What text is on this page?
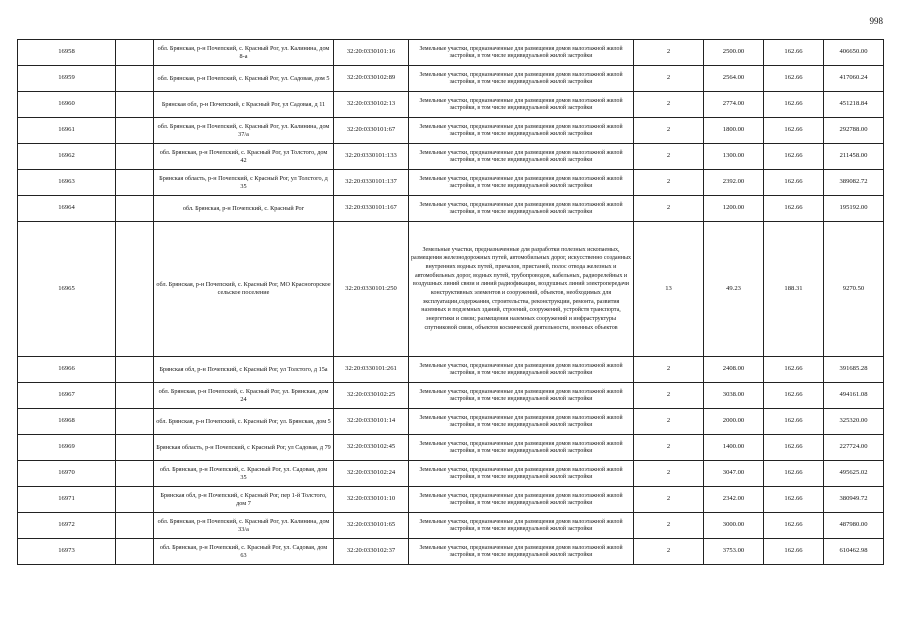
998
16958		обл. Брянская, р-н Почепский, с. Красный Рог, ул. Калинина, дом 8-а	32:20:0330101:16	Земельные участки, предназначенные для размещения домов малоэтажной жилой застройки, в том числе индивидуальной жилой застройки	2	2500.00	162.66	406650.00
16959		обл. Брянская, р-н Почепский, с. Красный Рог, ул. Садовая, дом 5	32:20:0330102:89	Земельные участки, предназначенные для размещения домов малоэтажной жилой застройки, в том числе индивидуальной жилой застройки	2	2564.00	162.66	417060.24
16960		Брянская обл, р-н Почепский, с Красный Рог, ул Садовая, д 11	32:20:0330102:13	Земельные участки, предназначенные для размещения домов малоэтажной жилой застройки, в том числе индивидуальной жилой застройки	2	2774.00	162.66	451218.84
16961		обл. Брянская, р-н Почепский, с. Красный Рог, ул. Калинина, дом 37/а	32:20:0330101:67	Земельные участки, предназначенные для размещения домов малоэтажной жилой застройки, в том числе индивидуальной жилой застройки	2	1800.00	162.66	292788.00
16962		обл. Брянская, р-н Почепский, с. Красный Рог, ул Толстого, дом 42	32:20:0330101:133	Земельные участки, предназначенные для размещения домов малоэтажной жилой застройки, в том числе индивидуальной жилой застройки	2	1300.00	162.66	211458.00
16963		Брянская область, р-н Почепский, с Красный Рог, ул Толстого, д 35	32:20:0330101:137	Земельные участки, предназначенные для размещения домов малоэтажной жилой застройки, в том числе индивидуальной жилой застройки	2	2392.00	162.66	389082.72
16964		обл. Брянская, р-н Почепский, с. Красный Рог	32:20:0330101:167	Земельные участки, предназначенные для размещения домов малоэтажной жилой застройки, в том числе индивидуальной жилой застройки	2	1200.00	162.66	195192.00
16965		обл. Брянская, р-н Почепский, с. Красный Рог, МО Красногорское сельское поселение	32:20:0330101:250	Земельные участки, предназначенные для разработки полезных ископаемых, размещения железнодорожных путей, автомобильных дорог, искусственно созданных внутренних водных путей, причалов, пристаней, полос отвода железных и автомобильных дорог, водных путей, трубопроводов, кабельных, радиорелейных и воздушных линий связи и линий радиофикации, воздушных линий электропередачи конструктивных элементов и сооружений, объектов, необходимых для эксплуатации,содержания, строительства, реконструкции, ремонта, развития наземных и подземных зданий, строений, сооружений, устройств транспорта, энергетики и связи; размещения наземных сооружений и инфраструктуры спутниковой связи, объектов космической деятельности, военных объектов	13	49.23	188.31	9270.50
16966		Брянская обл, р-н Почепский, с Красный Рог, ул Толстого, д 15а	32:20:0330101:261	Земельные участки, предназначенные для размещения домов малоэтажной жилой застройки, в том числе индивидуальной жилой застройки	2	2408.00	162.66	391685.28
16967		обл. Брянская, р-н Почепский, с. Красный Рог, ул. Брянская, дом 24	32:20:0330102:25	Земельные участки, предназначенные для размещения домов малоэтажной жилой застройки, в том числе индивидуальной жилой застройки	2	3038.00	162.66	494161.08
16968		обл. Брянская, р-н Почепский, с. Красный Рог, ул. Брянская, дом 5	32:20:0330101:14	Земельные участки, предназначенные для размещения домов малоэтажной жилой застройки, в том числе индивидуальной жилой застройки	2	2000.00	162.66	325320.00
16969		Брянская область, р-н Почепский, с Красный Рог, ул Садовая, д 79	32:20:0330102:45	Земельные участки, предназначенные для размещения домов малоэтажной жилой застройки, в том числе индивидуальной жилой застройки	2	1400.00	162.66	227724.00
16970		обл. Брянская, р-н Почепский, с. Красный Рог, ул. Садовая, дом 35	32:20:0330102:24	Земельные участки, предназначенные для размещения домов малоэтажной жилой застройки, в том числе индивидуальной жилой застройки	2	3047.00	162.66	495625.02
16971		Брянская обл, р-н Почепский, с Красный Рог, пер 1-й Толстого, дом 7	32:20:0330101:10	Земельные участки, предназначенные для размещения домов малоэтажной жилой застройки, в том числе индивидуальной жилой застройки	2	2342.00	162.66	380949.72
16972		обл. Брянская, р-н Почепский, с. Красный Рог, ул. Калинина, дом 33/а	32:20:0330101:65	Земельные участки, предназначенные для размещения домов малоэтажной жилой застройки, в том числе индивидуальной жилой застройки	2	3000.00	162.66	487980.00
16973		обл. Брянская, р-н Почепский, с. Красный Рог, ул. Садовая, дом 63	32:20:0330102:37	Земельные участки, предназначенные для размещения домов малоэтажной жилой застройки, в том числе индивидуальной жилой застройки	2	3753.00	162.66	610462.98
